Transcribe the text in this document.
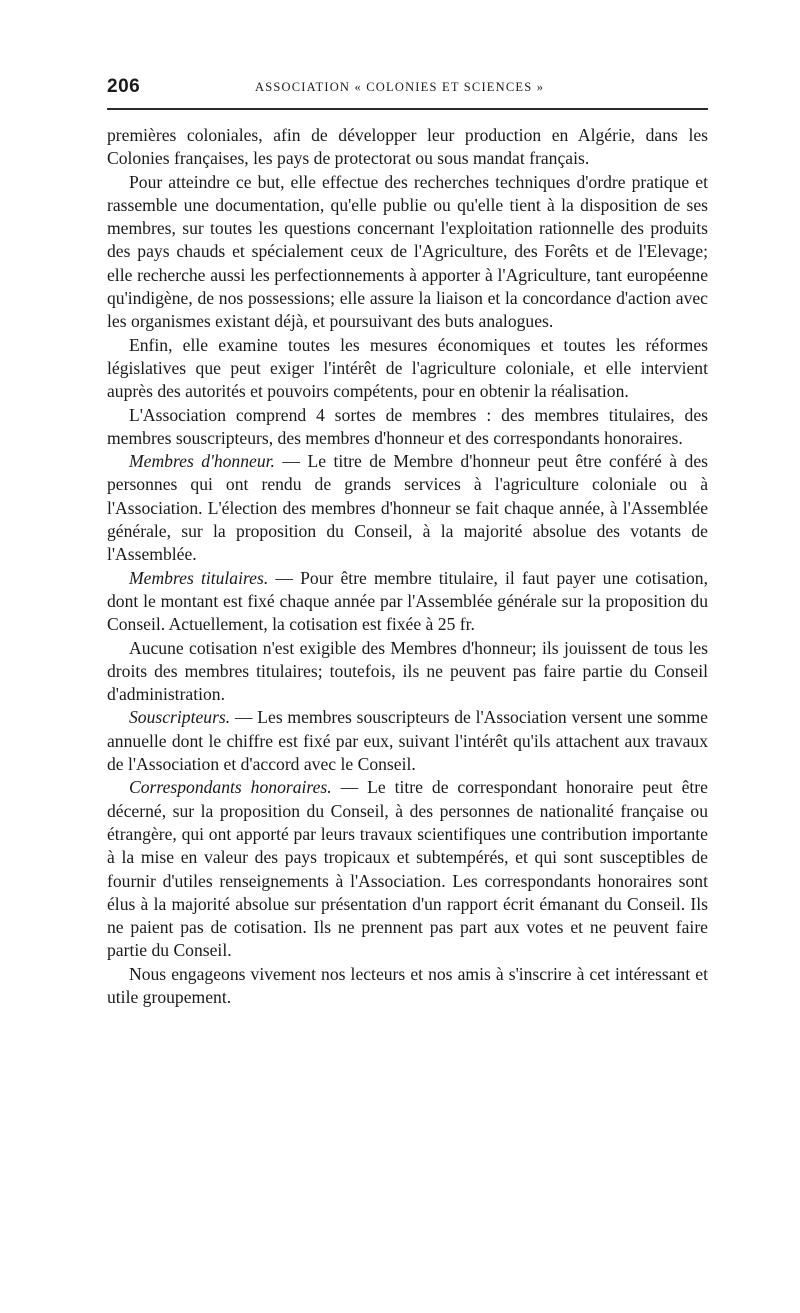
206	ASSOCIATION « COLONIES ET SCIENCES »

premières coloniales, afin de développer leur production en Algérie, dans les Colonies françaises, les pays de protectorat ou sous mandat français.

Pour atteindre ce but, elle effectue des recherches techniques d'ordre pratique et rassemble une documentation, qu'elle publie ou qu'elle tient à la disposition de ses membres, sur toutes les questions concernant l'exploitation rationnelle des produits des pays chauds et spécialement ceux de l'Agriculture, des Forêts et de l'Elevage; elle recherche aussi les perfectionnements à apporter à l'Agriculture, tant européenne qu'indigène, de nos possessions; elle assure la liaison et la concordance d'action avec les organismes existant déjà, et poursuivant des buts analogues.

Enfin, elle examine toutes les mesures économiques et toutes les réformes législatives que peut exiger l'intérêt de l'agriculture coloniale, et elle intervient auprès des autorités et pouvoirs compétents, pour en obtenir la réalisation.

L'Association comprend 4 sortes de membres : des membres titulaires, des membres souscripteurs, des membres d'honneur et des correspondants honoraires.

Membres d'honneur. — Le titre de Membre d'honneur peut être conféré à des personnes qui ont rendu de grands services à l'agriculture coloniale ou à l'Association. L'élection des membres d'honneur se fait chaque année, à l'Assemblée générale, sur la proposition du Conseil, à la majorité absolue des votants de l'Assemblée.

Membres titulaires. — Pour être membre titulaire, il faut payer une cotisation, dont le montant est fixé chaque année par l'Assemblée générale sur la proposition du Conseil. Actuellement, la cotisation est fixée à 25 fr.

Aucune cotisation n'est exigible des Membres d'honneur; ils jouissent de tous les droits des membres titulaires; toutefois, ils ne peuvent pas faire partie du Conseil d'administration.

Souscripteurs. — Les membres souscripteurs de l'Association versent une somme annuelle dont le chiffre est fixé par eux, suivant l'intérêt qu'ils attachent aux travaux de l'Association et d'accord avec le Conseil.

Correspondants honoraires. — Le titre de correspondant honoraire peut être décerné, sur la proposition du Conseil, à des personnes de nationalité française ou étrangère, qui ont apporté par leurs travaux scientifiques une contribution importante à la mise en valeur des pays tropicaux et subtempérés, et qui sont susceptibles de fournir d'utiles renseignements à l'Association. Les correspondants honoraires sont élus à la majorité absolue sur présentation d'un rapport écrit émanant du Conseil. Ils ne paient pas de cotisation. Ils ne prennent pas part aux votes et ne peuvent faire partie du Conseil.

Nous engageons vivement nos lecteurs et nos amis à s'inscrire à cet intéressant et utile groupement.
